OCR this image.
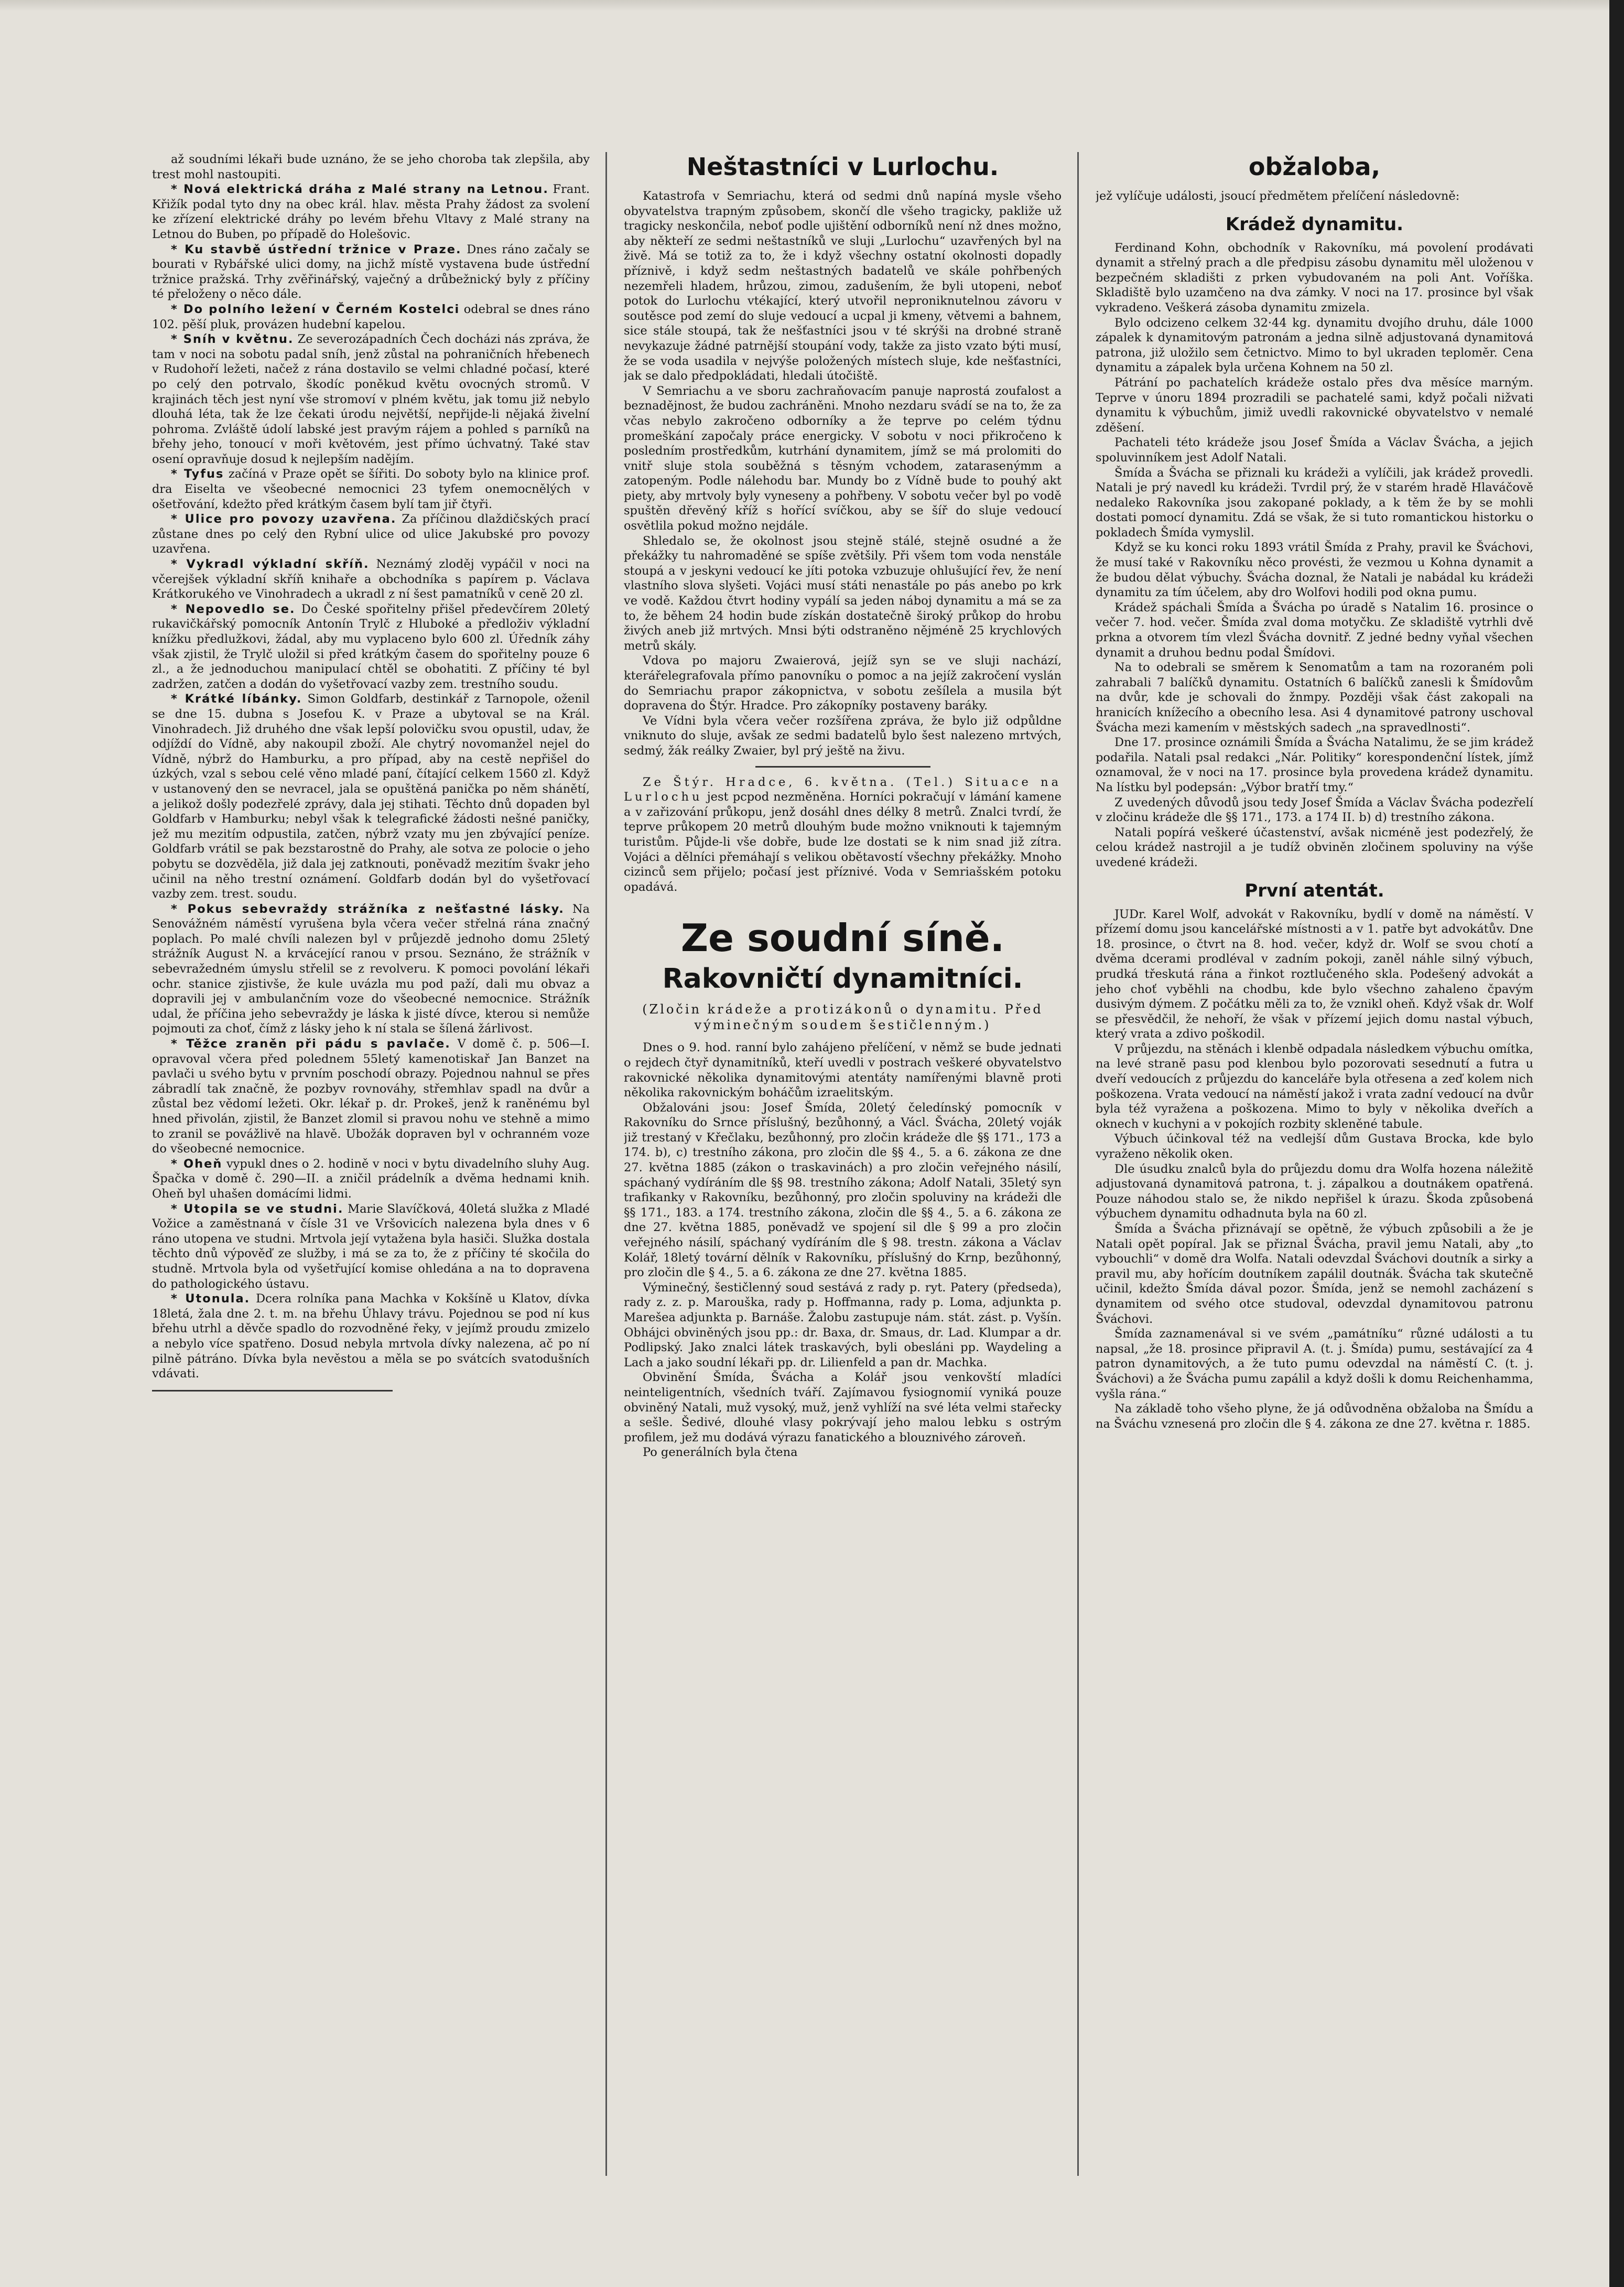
až soudními lékaři bude uznáno, že se jeho choroba tak zlepšila, aby trest mohl nastoupiti.

* Nová elektrická dráha z Malé strany na Letnou. Frant. Křižík podal tyto dny na obec král. hlav. města Prahy žádost za svolení ke zřízení elektrické dráhy po levém břehu Vltavy z Malé strany na Letnou do Buben, po případě do Holešovic.

* Ku stavbě ústřední tržnice v Praze. Dnes ráno začaly se bourati v Rybářské ulici domy, na jichž místě vystavena bude ústřední tržnice pražská. Trhy zvěřinářský, vaječný a drůbežnický byly z příčiny té přeloženy o něco dále.

* Do polního ležení v Černém Kostelci odebral se dnes ráno 102. pěší pluk, provázen hudební kapelou.

* Sníh v květnu. Ze severozápadních Čech docházi nás zpráva, že tam v noci na sobotu padal sníh, jenž zůstal na pohraničních hřebenech v Rudohoří ležeti, načež z rána dostavilo se velmi chladné počasí, které po celý den potrvalo, škodíc poněkud květu ovocných stromů. V krajinách těch jest nyní vše stromoví v plném květu, jak tomu již nebylo dlouhá léta, tak že lze čekati úrodu největší, nepřijde-li nějaká živelní pohroma. Zvláště údolí labské jest pravým rájem a pohled s parníků na břehy jeho, tonoucí v moři květovém, jest přímo úchvatný. Také stav osení opravňuje dosud k nejlepším nadějím.

* Tyfus začíná v Praze opět se šířiti. Do soboty bylo na klinice prof. dra Eiselta ve všeobecné nemocnici 23 tyfem onemocnělých v ošetřování, kdežto před krátkým časem bylí tam jiř čtyři.

* Ulice pro povozy uzavřena. Za příčinou dlaždičských prací zůstane dnes po celý den Rybní ulice od ulice Jakubské pro povozy uzavřena.

* Vykradl výkladní skříň. Neznámý zloděj vypáčil v noci na včerejšek výkladní skříň knihaře a obchodníka s papírem p. Václava Krátkorukého ve Vinohradech a ukradl z ní šest pamatníků v ceně 20 zl.

* Nepovedlo se. Do České spořitelny přišel předevčírem 20letý rukavičkářský pomocník Antonín Trylč z Hluboké a předloživ výkladní knížku předlužkovi, žádal, aby mu vyplaceno bylo 600 zl. Úředník záhy však zjistil, že Trylč uložil si před krátkým časem do spořitelny pouze 6 zl., a že jednoduchou manipulací chtěl se obohatiti. Z příčiny té byl zadržen, zatčen a dodán do vyšetřovací vazby zem. trestního soudu.

* Krátké líbánky. Simon Goldfarb, destinkář z Tarnopole, oženil se dne 15. dubna s Josefou K. v Praze a ubytoval se na Král. Vinohradech. Již druhého dne však lepší polovičku svou opustil, udav, že odjíždí do Vídně, aby nakoupil zboží. Ale chytrý novomanžel nejel do Vídně, nýbrž do Hamburku, a pro případ, aby na cestě nepřišel do úzkých, vzal s sebou celé věno mladé paní, čítající celkem 1560 zl. Když v ustanovený den se nevracel, jala se opuštěná panička po něm shánětí, a jelikož došly podezřelé zprávy, dala jej stihati. Těchto dnů dopaden byl Goldfarb v Hamburku; nebyl však k telegrafické žádosti nešné paničky, jež mu mezitím odpustila, zatčen, nýbrž vzaty mu jen zbývající peníze. Goldfarb vrátil se pak bezstarostně do Prahy, ale sotva ze polocie o jeho pobytu se dozvěděla, již dala jej zatknouti, poněvadž mezitím švakr jeho učinil na něho trestní oznámení. Goldfarb dodán byl do vyšetřovací vazby zem. trest. soudu.

* Pokus sebevraždy strážníka z nešťastné lásky. Na Senovážném náměstí vyrušena byla včera večer střelná rána značný poplach. Po malé chvíli nalezen byl v průjezdě jednoho domu 25letý strážník August N. a krvácející ranou v prsou. Seznáno, že strážník v sebevražedném úmyslu střelil se z revolveru. K pomoci povolání lékaři ochr. stanice zjistivše, že kule uvázla mu pod paží, dali mu obvaz a dopravili jej v ambulančním voze do všeobecné nemocnice. Strážník udal, že příčina jeho sebevraždy je láska k jisté dívce, kterou si nemůže pojmouti za choť, čímž z lásky jeho k ní stala se šílená žárlivost.

* Těžce zraněn při pádu s pavlače. V domě č. p. 506—I. opravoval včera před polednem 55letý kamenotiskař Jan Banzet na pavlači u svého bytu v prvním poschodí obrazy. Pojednou nahnul se přes zábradlí tak značně, že pozbyv rovnováhy, střemhlav spadl na dvůr a zůstal bez vědomí ležeti. Okr. lékař p. dr. Prokeš, jenž k raněnému byl hned přivolán, zjistil, že Banzet zlomil si pravou nohu ve stehně a mimo to zranil se povážlivě na hlavě. Ubožák dopraven byl v ochranném voze do všeobecné nemocnice.

* Oheň vypukl dnes o 2. hodině v noci v bytu divadelního sluhy Aug. Špačka v domě č. 290—II. a zničil prádelník a dvěma hednami knih. Oheň byl uhašen domácími lidmi.

* Utopila se ve studni. Marie Slavíčková, 40letá služka z Mladé Vožice a zaměstnaná v čísle 31 ve Vršovicích nalezena byla dnes v 6 ráno utopena ve studni. Mrtvola její vytažena byla hasiči. Služka dostala těchto dnů výpověď ze služby, i má se za to, že z příčiny té skočila do studně. Mrtvola byla od vyšetřující komise ohledána a na to dopravena do pathologického ústavu.

* Utonula. Dcera rolníka pana Machka v Kokšíně u Klatov, dívka 18letá, žala dne 2. t. m. na břehu Úhlavy trávu. Pojednou se pod ní kus břehu utrhl a děvče spadlo do rozvodněné řeky, v jejímž proudu zmizelo a nebylo více spatřeno. Dosud nebyla mrtvola dívky nalezena, ač po ní pilně pátráno. Dívka byla nevěstou a měla se po svátcích svatodušních vdávati.

Neštastníci v Lurlochu.

Katastrofa v Semriachu, která od sedmi dnů napíná mysle všeho obyvatelstva trapným způsobem, skončí dle všeho tragicky, pakliže už tragicky neskončila, neboť podle ujištění odborníků není nž dnes možno, aby někteří ze sedmi neštastníků ve sluji „Lurlochu“ uzavřených byl na živě. Má se totiž za to, že i když všechny ostatní okolnosti dopadly příznivě, i když sedm neštastných badatelů ve skále pohřbených nezemřeli hladem, hrůzou, zimou, zadušením, že byli utopeni, neboť potok do Lurlochu vtékající, který utvořil neproniknutelnou závoru v soutěsce pod zemí do sluje vedoucí a ucpal ji kmeny, větvemi a bahnem, sice stále stoupá, tak že nešťastníci jsou v té skrýši na drobné straně nevykazuje žádné patrnější stoupání vody, takže za jisto vzato býti musí, že se voda usadila v nejvýše položených místech sluje, kde nešťastníci, jak se dalo předpokládati, hledali útočiště.

V Semriachu a ve sboru zachraňovacím panuje naprostá zoufalost a beznadějnost, že budou zachráněni. Mnoho nezdaru svádí se na to, že za včas nebylo zakročeno odborníky a že teprve po celém týdnu promeškání započaly práce energicky. V sobotu v noci přikročeno k posledním prostředkům, kutrhání dynamitem, jímž se má prolomiti do vnitř sluje stola souběžná s těsným vchodem, zatarasenýmm a zatopeným. Podle nálehodu bar. Mundy bo z Vídně bude to pouhý akt piety, aby mrtvoly byly vyneseny a pohřbeny. V sobotu večer byl po vodě spuštěn dřevěný kříž s hořící svíčkou, aby se šíř do sluje vedoucí osvětlila pokud možno nejdále.

Shledalo se, že okolnost jsou stejně stálé, stejně osudné a že překážky tu nahromaděné se spíše zvětšily. Při všem tom voda nenstále stoupá a v jeskyni vedoucí ke jíti potoka vzbuzuje ohlušující řev, že není vlastního slova slyšeti. Vojáci musí státi nenastále po pás anebo po krk ve vodě. Každou čtvrt hodiny vypálí sa jeden náboj dynamitu a má se za to, že během 24 hodin bude získán dostatečně široký průkop do hrobu živých aneb již mrtvých. Mnsi býti odstraněno nějméně 25 krychlových metrů skály.

Vdova po majoru Zwaierová, jejíž syn se ve sluji nachází, kterářelegrafovala přímo panovníku o pomoc a na jejíž zakročení vyslán do Semriachu prapor zákopnictva, v sobotu zešílela a musila být dopravena do Štýr. Hradce. Pro zákopníky postaveny baráky.

Ve Vídni byla včera večer rozšířena zpráva, že bylo již odpůldne vniknuto do sluje, avšak ze sedmi badatelů bylo šest nalezeno mrtvých, sedmý, žák reálky Zwaier, byl prý ještě na živu.

Ze Štýr. Hradce, 6. května. (Tel.) Situace na Lurlochu jest pcpod nezměněna. Horníci pokračují v lámání kamene a v zařizování průkopu, jenž dosáhl dnes délky 8 metrů. Znalci tvrdí, že teprve průkopem 20 metrů dlouhým bude možno vniknouti k tajemným turistům. Půjde-li vše dobře, bude lze dostati se k nim snad již zítra. Vojáci a dělníci přemáhají s velikou obětavostí všechny překážky. Mnoho cizinců sem přijelo; počasí jest příznivé. Voda v Semriašském potoku opadává.

Ze soudní síně.
Rakovničtí dynamitníci.
(Zločin krádeže a protizákonů o dynamitu. Před výminečným soudem šestičlenným.)

Dnes o 9. hod. ranní bylo zahájeno přelíčení, v němž se bude jednati o rejdech čtyř dynamitníků, kteří uvedli v postrach veškeré obyvatelstvo rakovnické několika dynamitovými atentáty namířenými blavně proti několika rakovnickým boháčům izraelitským.

Obžalováni jsou: Josef Šmída, 20letý čeledínský pomocník v Rakovníku do Srnce příslušný, bezůhonný, a Václ. Švácha, 20letý voják již trestaný v Křečlaku, bezůhonný, pro zločin krádeže dle §§ 171., 173 a 174. b), c) trestního zákona, pro zločin dle §§ 4., 5. a 6. zákona ze dne 27. května 1885 (zákon o traskavinách) a pro zločin veřejného násilí, spáchaný vydíráním dle §§ 98. trestního zákona; Adolf Natali, 35letý syn trafikanky v Rakovníku, bezůhonný, pro zločin spoluviny na krádeži dle §§ 171., 183. a 174. trestního zákona, zločin dle §§ 4., 5. a 6. zákona ze dne 27. května 1885, poněvadž ve spojení sil dle § 99 a pro zločin veřejného násilí, spáchaný vydíráním dle § 98. trestn. zákona a Václav Kolář, 18letý tovární dělník v Rakovníku, příslušný do Krnp, bezůhonný, pro zločin dle § 4., 5. a 6. zákona ze dne 27. května 1885.

Výminečný, šestičlenný soud sestává z rady p. ryt. Patery (předseda), rady z. z. p. Marouška, rady p. Hoffmanna, rady p. Loma, adjunkta p. Marešea adjunkta p. Barnáše. Žalobu zastupuje nám. stát. zást. p. Vyšín. Obhájci obviněných jsou pp.: dr. Baxa, dr. Smaus, dr. Lad. Klumpar a dr. Podlipský. Jako znalci látek traskavých, byli obesláni pp. Waydeling a Lach a jako soudní lékaři pp. dr. Lilienfeld a pan dr. Machka.

Obvinění Šmída, Švácha a Kolář jsou venkovští mladíci neinteligentních, všedních tváří. Zajímavou fysiognomií vyniká pouze obviněný Natali, muž vysoký, muž, jenž vyhlíží na své léta velmi stařecky a sešle. Šedivé, dlouhé vlasy pokrývají jeho malou lebku s ostrým profilem, jež mu dodává výrazu fanatického a blouznivého zároveň.

Po generálních byla čtena

obžaloba,

jež vylíčuje události, jsoucí předmětem přelíčení následovně:

Krádež dynamitu.

Ferdinand Kohn, obchodník v Rakovníku, má povolení prodávati dynamit a střelný prach a dle předpisu zásobu dynamitu měl uloženou v bezpečném skladišti z prken vybudovaném na poli Ant. Voříška. Skladiště bylo uzamčeno na dva zámky. V noci na 17. prosince byl však vykradeno. Veškerá zásoba dynamitu zmizela.

Bylo odcizeno celkem 32·44 kg. dynamitu dvojího druhu, dále 1000 zápalek k dynamitovým patronám a jedna silně adjustovaná dynamitová patrona, již uložilo sem četnictvo. Mimo to byl ukraden teploměr. Cena dynamitu a zápalek byla určena Kohnem na 50 zl.

Pátrání po pachatelích krádeže ostalo přes dva měsíce marným. Teprve v únoru 1894 prozradili se pachatelé sami, když počali nižvati dynamitu k výbuchům, jimiž uvedli rakovnické obyvatelstvo v nemalé zděšení.

Pachateli této krádeže jsou Josef Šmída a Václav Švácha, a jejich spoluvinníkem jest Adolf Natali.

Šmída a Švácha se přiznali ku krádeži a vylíčili, jak krádež provedli. Natali je prý navedl ku krádeži. Tvrdil prý, že v starém hradě Hlaváčově nedaleko Rakovníka jsou zakopané poklady, a k těm že by se mohli dostati pomocí dynamitu. Zdá se však, že si tuto romantickou historku o pokladech Šmída vymyslil.

Když se ku konci roku 1893 vrátil Šmída z Prahy, pravil ke Šváchovi, že musí také v Rakovníku něco provésti, že vezmou u Kohna dynamit a že budou dělat výbuchy. Švácha doznal, že Natali je nabádal ku krádeži dynamitu za tím účelem, aby dro Wolfovi hodili pod okna pumu.

Krádež spáchali Šmída a Švácha po úradě s Natalim 16. prosince o večer 7. hod. večer. Šmída zval doma motyčku. Ze skladiště vytrhli dvě prkna a otvorem tím vlezl Švácha dovnitř. Z jedné bedny vyňal všechen dynamit a druhou bednu podal Šmídovi.

Na to odebrali se směrem k Senomatům a tam na rozoraném poli zahrabali 7 balíčků dynamitu. Ostatních 6 balíčků zanesli k Šmídovům na dvůr, kde je schovali do žnmpy. Později však část zakopali na hranicích knížecího a obecního lesa. Asi 4 dynamitové patrony uschoval Švácha mezi kamením v městských sadech „na spravedlnosti“.

Dne 17. prosince oznámili Šmída a Švácha Natalimu, že se jim krádež podařila. Natali psal redakci „Nár. Politiky“ korespondenční lístek, jímž oznamoval, že v noci na 17. prosince byla provedena krádež dynamitu. Na lístku byl podepsán: „Výbor bratří tmy.“

Z uvedených důvodů jsou tedy Josef Šmída a Václav Švácha podezřelí v zločinu krádeže dle §§ 171., 173. a 174 II. b) d) trestního zákona.

Natali popírá veškeré účastenství, avšak nicméně jest podezřelý, že celou krádež nastrojil a je tudíž obviněn zločinem spoluviny na výše uvedené krádeži.

První atentát.

JUDr. Karel Wolf, advokát v Rakovníku, bydlí v domě na náměstí. V přízemí domu jsou kancelářské místnosti a v 1. patře byt advokátův. Dne 18. prosince, o čtvrt na 8. hod. večer, když dr. Wolf se svou chotí a dvěma dcerami prodléval v zadním pokoji, zaněl náhle silný výbuch, prudká třeskutá rána a řinkot roztlučeného skla. Podešený advokát a jeho choť vyběhli na chodbu, kde bylo všechno zahaleno čpavým dusivým dýmem. Z počátku měli za to, že vznikl oheň. Když však dr. Wolf se přesvědčil, že nehoří, že však v přízemí jejich domu nastal výbuch, který vrata a zdivo poškodil.

V průjezdu, na stěnách i klenbě odpadala následkem výbuchu omítka, na levé straně pasu pod klenbou bylo pozorovati sesednutí a futra u dveří vedoucích z průjezdu do kanceláře byla otřesena a zeď kolem nich poškozena. Vrata vedoucí na náměstí jakož i vrata zadní vedoucí na dvůr byla též vyražena a poškozena. Mimo to byly v několika dveřích a oknech v kuchyni a v pokojích rozbity skleněné tabule.

Výbuch účinkoval též na vedlejší dům Gustava Brocka, kde bylo vyraženo několik oken.

Dle úsudku znalců byla do průjezdu domu dra Wolfa hozena náležitě adjustovaná dynamitová patrona, t. j. zápalkou a doutnákem opatřená. Pouze náhodou stalo se, že nikdo nepřišel k úrazu. Škoda způsobená výbuchem dynamitu odhadnuta byla na 60 zl.

Šmída a Švácha přiznávají se opětně, že výbuch způsobili a že je Natali opět popíral. Jak se přiznal Švácha, pravil jemu Natali, aby „to vybouchli“ v domě dra Wolfa. Natali odevzdal Šváchovi doutník a sirky a pravil mu, aby hořícím doutníkem zapálil doutnák. Švácha tak skutečně učinil, kdežto Šmída dával pozor. Šmída, jenž se nemohl zacházení s dynamitem od svého otce studoval, odevzdal dynamitovou patronu Šváchovi.

Šmída zaznamenával si ve svém „památníku“ různé události a tu napsal, „že 18. prosince připravil A. (t. j. Šmída) pumu, sestávající za 4 patron dynamitových, a že tuto pumu odevzdal na náměstí C. (t. j. Šváchovi) a že Švácha pumu zapálil a když došli k domu Reichenhamma, vyšla rána.“

Na základě toho všeho plyne, že já odůvodněna obžaloba na Šmídu a na Šváchu vznesená pro zločin dle § 4. zákona ze dne 27. května r. 1885.
